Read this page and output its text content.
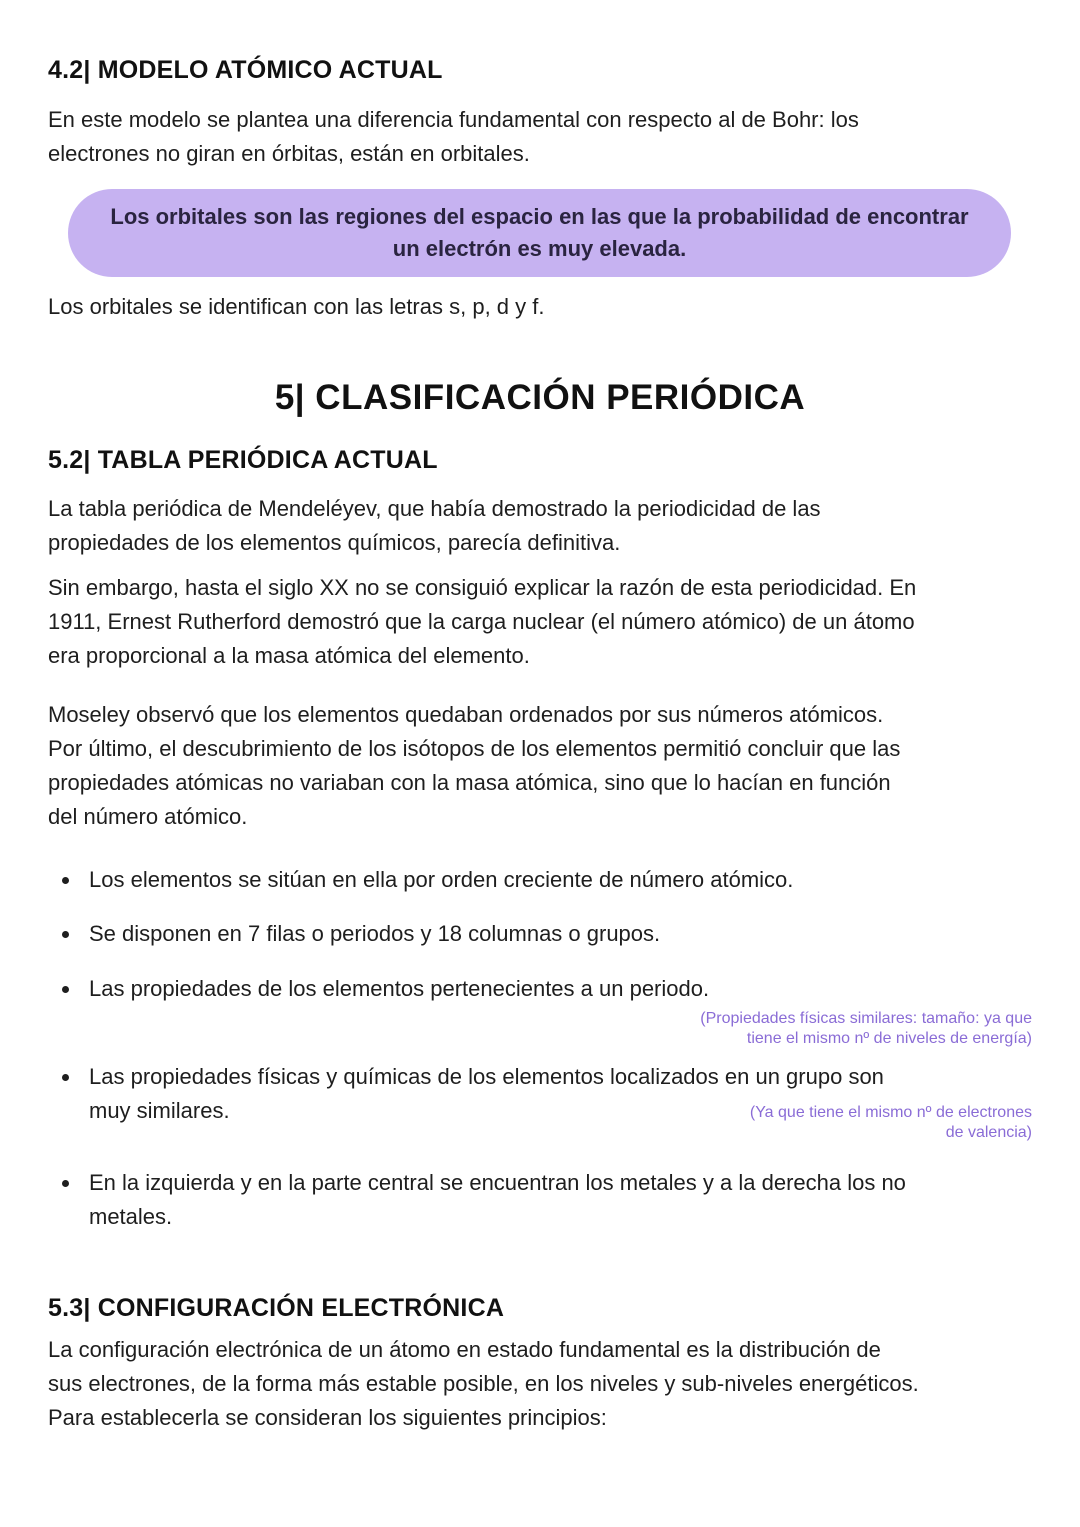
4.2| MODELO ATÓMICO ACTUAL

En este modelo se plantea una diferencia fundamental con respecto al de Bohr: los
electrones no giran en órbitas, están en orbitales.

Los orbitales son las regiones del espacio en las que la probabilidad de encontrar
un electrón es muy elevada.

Los orbitales se identifican con las letras s, p, d y f.

5| CLASIFICACIÓN PERIÓDICA
5.2| TABLA PERIÓDICA ACTUAL

La tabla periódica de Mendeléyev, que había demostrado la periodicidad de las
propiedades de los elementos químicos, parecía definitiva.

Sin embargo, hasta el siglo XX no se consiguió explicar la razón de esta periodicidad. En
1911, Ernest Rutherford demostró que la carga nuclear (el número atómico) de un átomo
era proporcional a la masa atómica del elemento.

Moseley observó que los elementos quedaban ordenados por sus números atómicos.
Por último, el descubrimiento de los isótopos de los elementos permitió concluir que las
propiedades atómicas no variaban con la masa atómica, sino que lo hacían en función
del número atómico.

Los elementos se sitúan en ella por orden creciente de número atómico.
Se disponen en 7 filas o periodos y 18 columnas o grupos.
Las propiedades de los elementos pertenecientes a un periodo.
(Propiedades físicas similares: tamaño: ya que
tiene el mismo nº de niveles de energía)
Las propiedades físicas y químicas de los elementos localizados en un grupo son
muy similares.	(Ya que tiene el mismo nº de electrones
de valencia)
En la izquierda y en la parte central se encuentran los metales y a la derecha los no
metales.
5.3| CONFIGURACIÓN ELECTRÓNICA

La configuración electrónica de un átomo en estado fundamental es la distribución de
sus electrones, de la forma más estable posible, en los niveles y sub-niveles energéticos.
Para establecerla se consideran los siguientes principios:
